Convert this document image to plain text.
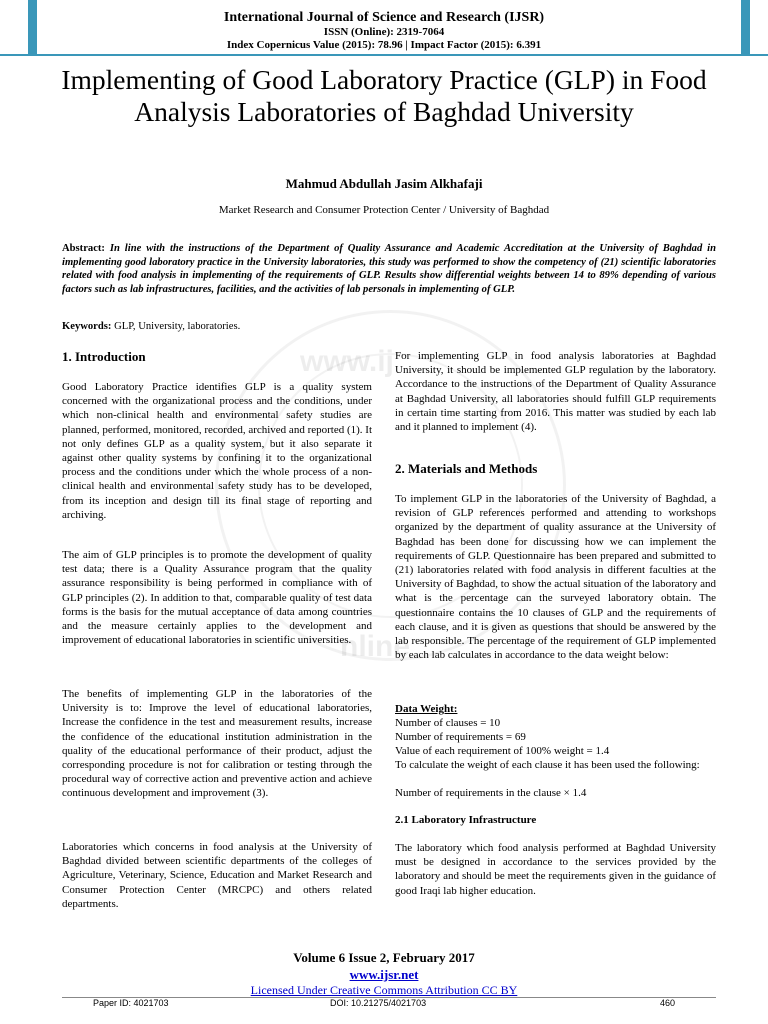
International Journal of Science and Research (IJSR)
ISSN (Online): 2319-7064
Index Copernicus Value (2015): 78.96 | Impact Factor (2015): 6.391
www.ij
nline
Implementing of Good Laboratory Practice (GLP) in Food Analysis Laboratories of Baghdad University
Mahmud Abdullah Jasim Alkhafaji
Market Research and Consumer Protection Center / University of Baghdad
Abstract: In line with the instructions of the Department of Quality Assurance and Academic Accreditation at the University of Baghdad in implementing good laboratory practice in the University laboratories, this study was performed to show the competency of (21) scientific laboratories related with food analysis in implementing of the requirements of GLP. Results show differential weights between 14 to 89% depending of various factors such as lab infrastructures, facilities, and the activities of lab personals in implementing of GLP.
Keywords: GLP, University, laboratories.
1. Introduction
Good Laboratory Practice identifies GLP is a quality system concerned with the organizational process and the conditions, under which non-clinical health and environmental safety studies are planned, performed, monitored, recorded, archived and reported (1). It not only defines GLP as a quality system, but it also separate it against other quality systems by confining it to the organizational process and the conditions under which the whole process of a non-clinical health and environmental safety study has to be developed, from its inception and design till its final stage of reporting and archiving.
The aim of GLP principles is to promote the development of quality test data; there is a Quality Assurance program that the quality assurance responsibility is being performed in compliance with of GLP principles (2). In addition to that, comparable quality of test data forms is the basis for the mutual acceptance of data among countries and the measure certainly applies to the development and improvement of educational laboratories in scientific universities.
The benefits of implementing GLP in the laboratories of the University is to: Improve the level of educational laboratories, Increase the confidence in the test and measurement results, increase the confidence of the educational institution administration in the quality of the educational performance of their product, adjust the corresponding procedure is not for calibration or testing through the procedural way of corrective action and preventive action and achieve continuous development and improvement (3).
Laboratories which concerns in food analysis at the University of Baghdad divided between scientific departments of the colleges of Agriculture, Veterinary, Science, Education and Market Research and Consumer Protection Center (MRCPC) and others related departments.
For implementing GLP in food analysis laboratories at Baghdad University, it should be implemented GLP regulation by the laboratory. Accordance to the instructions of the Department of Quality Assurance at Baghdad University, all laboratories should fulfill GLP requirements in certain time starting from 2016. This matter was studied by each lab and it planned to implement (4).
2. Materials and Methods
To implement GLP in the laboratories of the University of Baghdad, a revision of GLP references performed and attending to workshops organized by the department of quality assurance at the University of Baghdad has been done for discussing how we can implement the requirements of GLP. Questionnaire has been prepared and submitted to (21) laboratories related with food analysis in different faculties at the University of Baghdad, to show the actual situation of the laboratory and what is the percentage can the surveyed laboratory obtain. The questionnaire contains the 10 clauses of GLP and the requirements of each clause, and it is given as questions that should be answered by the lab responsible. The percentage of the requirement of GLP implemented by each lab calculates in accordance to the data weight below:
Data Weight:
Number of clauses = 10
Number of requirements = 69
Value of each requirement of 100% weight = 1.4
To calculate the weight of each clause it has been used the following:
Number of requirements in the clause × 1.4
2.1 Laboratory Infrastructure
The laboratory which food analysis performed at Baghdad University must be designed in accordance to the services provided by the laboratory and should be meet the requirements given in the guidance of good Iraqi lab higher education.
Volume 6 Issue 2, February 2017
www.ijsr.net
Licensed Under Creative Commons Attribution CC BY
Paper ID: 4021703	DOI: 10.21275/4021703	460
